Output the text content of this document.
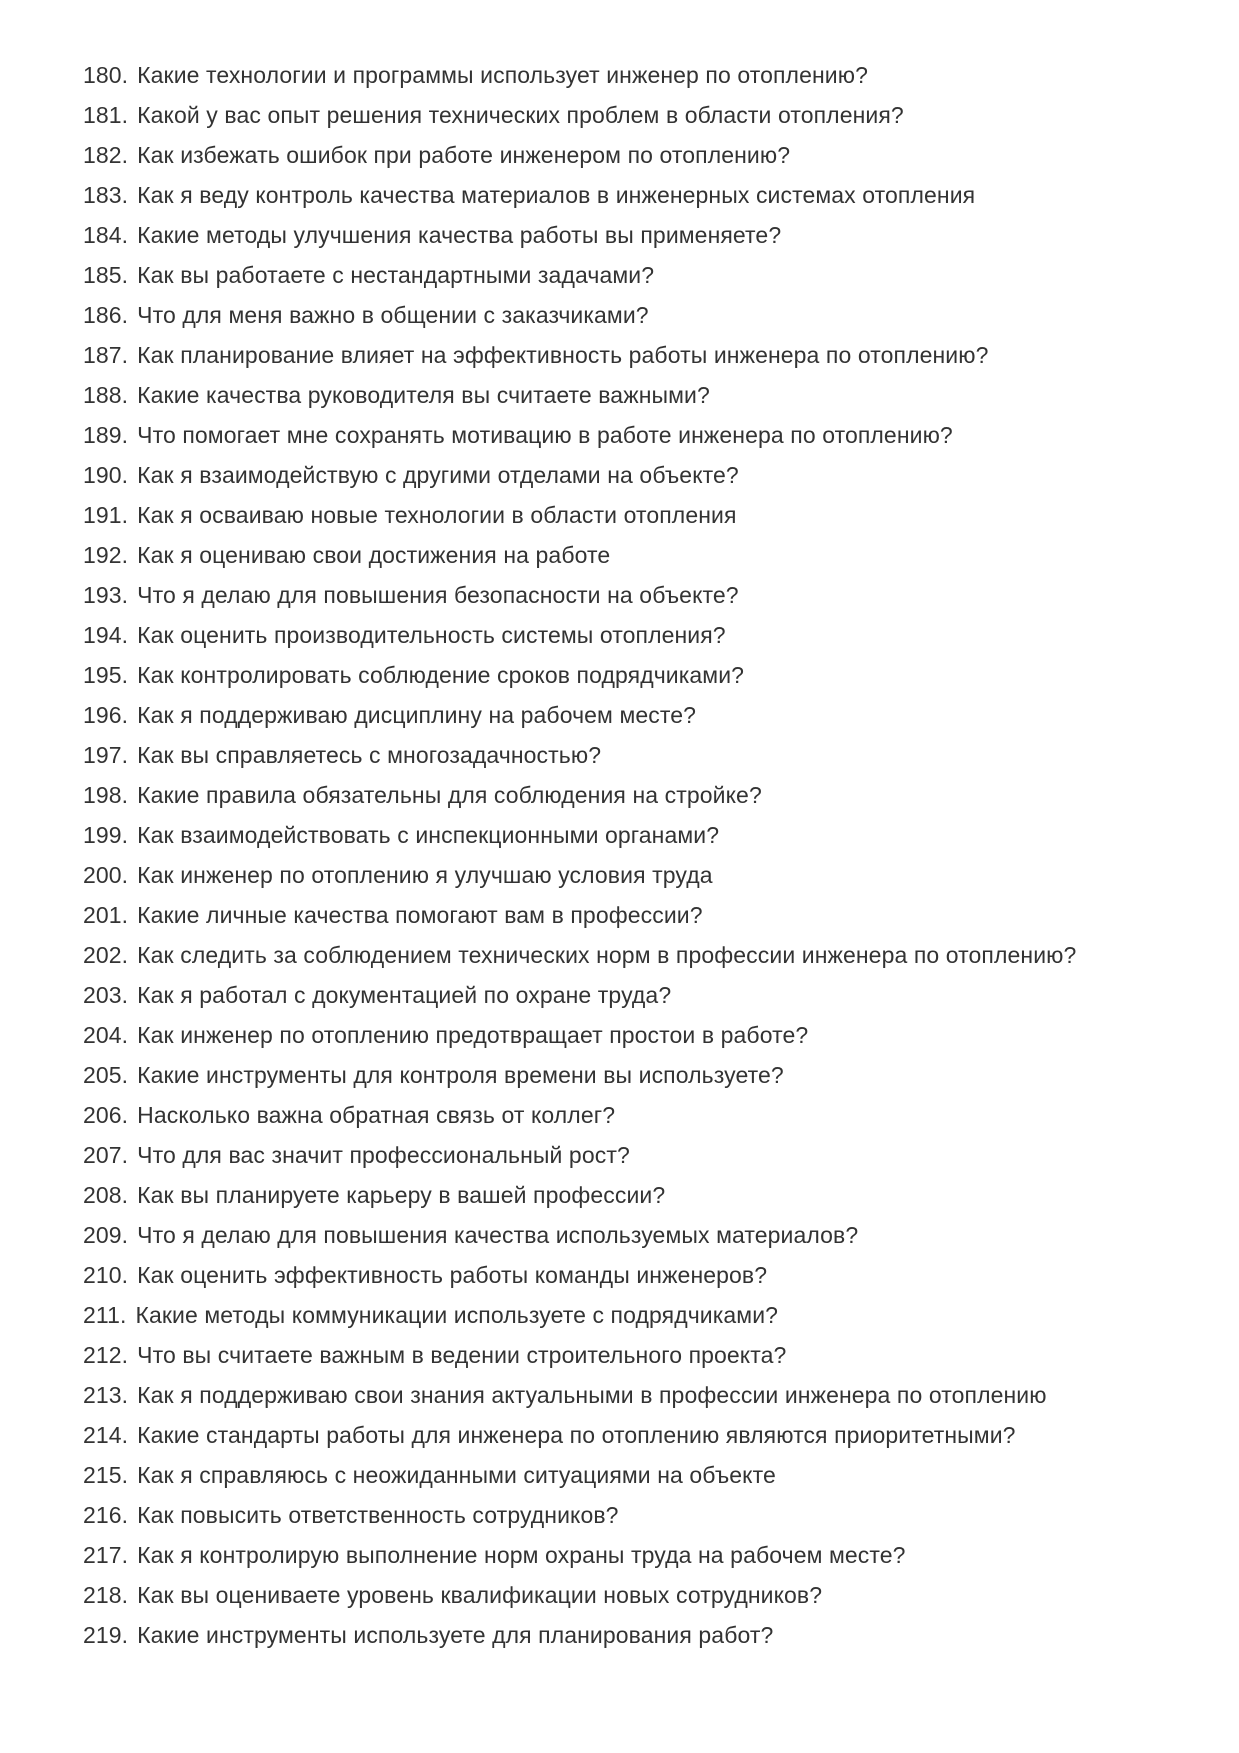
180. Какие технологии и программы использует инженер по отоплению?
181. Какой у вас опыт решения технических проблем в области отопления?
182. Как избежать ошибок при работе инженером по отоплению?
183. Как я веду контроль качества материалов в инженерных системах отопления
184. Какие методы улучшения качества работы вы применяете?
185. Как вы работаете с нестандартными задачами?
186. Что для меня важно в общении с заказчиками?
187. Как планирование влияет на эффективность работы инженера по отоплению?
188. Какие качества руководителя вы считаете важными?
189. Что помогает мне сохранять мотивацию в работе инженера по отоплению?
190. Как я взаимодействую с другими отделами на объекте?
191. Как я осваиваю новые технологии в области отопления
192. Как я оцениваю свои достижения на работе
193. Что я делаю для повышения безопасности на объекте?
194. Как оценить производительность системы отопления?
195. Как контролировать соблюдение сроков подрядчиками?
196. Как я поддерживаю дисциплину на рабочем месте?
197. Как вы справляетесь с многозадачностью?
198. Какие правила обязательны для соблюдения на стройке?
199. Как взаимодействовать с инспекционными органами?
200. Как инженер по отоплению я улучшаю условия труда
201. Какие личные качества помогают вам в профессии?
202. Как следить за соблюдением технических норм в профессии инженера по отоплению?
203. Как я работал с документацией по охране труда?
204. Как инженер по отоплению предотвращает простои в работе?
205. Какие инструменты для контроля времени вы используете?
206. Насколько важна обратная связь от коллег?
207. Что для вас значит профессиональный рост?
208. Как вы планируете карьеру в вашей профессии?
209. Что я делаю для повышения качества используемых материалов?
210. Как оценить эффективность работы команды инженеров?
211. Какие методы коммуникации используете с подрядчиками?
212. Что вы считаете важным в ведении строительного проекта?
213. Как я поддерживаю свои знания актуальными в профессии инженера по отоплению
214. Какие стандарты работы для инженера по отоплению являются приоритетными?
215. Как я справляюсь с неожиданными ситуациями на объекте
216. Как повысить ответственность сотрудников?
217. Как я контролирую выполнение норм охраны труда на рабочем месте?
218. Как вы оцениваете уровень квалификации новых сотрудников?
219. Какие инструменты используете для планирования работ?
